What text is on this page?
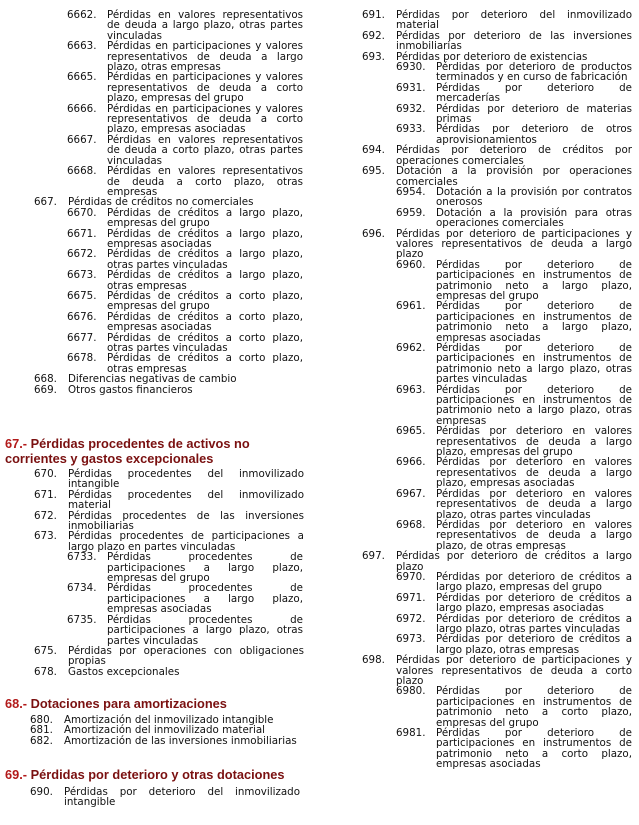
6662.	Pérdidas en valores representativos de deuda a largo plazo, otras partes vinculadas
6663.	Pérdidas en participaciones y valores representativos de deuda a largo plazo, otras empresas
6665.	Pérdidas en participaciones y valores representativos de deuda a corto plazo, empresas del grupo
6666.	Pérdidas en participaciones y valores representativos de deuda a corto plazo, empresas asociadas
6667.	Pérdidas en valores representativos de deuda a corto plazo, otras partes vinculadas
6668.	Pérdidas en valores representativos de deuda a corto plazo, otras empresas
667.	Pérdidas de créditos no comerciales
6670.	Pérdidas de créditos a largo plazo, empresas del grupo
6671.	Pérdidas de créditos a largo plazo, empresas asociadas
6672.	Pérdidas de créditos a largo plazo, otras partes vinculadas
6673.	Pérdidas de créditos a largo plazo, otras empresas
6675.	Pérdidas de créditos a corto plazo, empresas del grupo
6676.	Pérdidas de créditos a corto plazo, empresas asociadas
6677.	Pérdidas de créditos a corto plazo, otras partes vinculadas
6678.	Pérdidas de créditos a corto plazo, otras empresas
668.	Diferencias negativas de cambio
669.	Otros gastos financieros
67.- Pérdidas procedentes de activos no corrientes y gastos excepcionales
670.	Pérdidas procedentes del inmovilizado intangible
671.	Pérdidas procedentes del inmovilizado material
672.	Pérdidas procedentes de las inversiones inmobiliarias
673.	Pérdidas procedentes de participaciones a largo plazo en partes vinculadas
6733.	Pérdidas procedentes de participaciones a largo plazo, empresas del grupo
6734.	Pérdidas procedentes de participaciones a largo plazo, empresas asociadas
6735.	Pérdidas procedentes de participaciones a largo plazo, otras partes vinculadas
675.	Pérdidas por operaciones con obligaciones propias
678.	Gastos excepcionales
68.- Dotaciones para amortizaciones
680.	Amortización del inmovilizado intangible
681.	Amortización del inmovilizado material
682.	Amortización de las inversiones inmobiliarias
69.- Pérdidas por deterioro y otras dotaciones
690.	Pérdidas por deterioro del inmovilizado intangible
691.	Pérdidas por deterioro del inmovilizado material
692.	Pérdidas por deterioro de las inversiones inmobiliarias
693.	Pérdidas por deterioro de existencias
6930.	Pérdidas por deterioro de productos terminados y en curso de fabricación
6931.	Pérdidas por deterioro de mercaderías
6932.	Pérdidas por deterioro de materias primas
6933.	Pérdidas por deterioro de otros aprovisionamientos
694.	Pérdidas por deterioro de créditos por operaciones comerciales
695.	Dotación a la provisión por operaciones comerciales
6954.	Dotación a la provisión por contratos onerosos
6959.	Dotación a la provisión para otras operaciones comerciales
696.	Pérdidas por deterioro de participaciones y valores representativos de deuda a largo plazo
6960.	Pérdidas por deterioro de participaciones en instrumentos de patrimonio neto a largo plazo, empresas del grupo
6961.	Pérdidas por deterioro de participaciones en instrumentos de patrimonio neto a largo plazo, empresas asociadas
6962.	Pérdidas por deterioro de participaciones en instrumentos de patrimonio neto a largo plazo, otras partes vinculadas
6963.	Pérdidas por deterioro de participaciones en instrumentos de patrimonio neto a largo plazo, otras empresas
6965.	Pérdidas por deterioro en valores representativos de deuda a largo plazo, empresas del grupo
6966.	Pérdidas por deterioro en valores representativos de deuda a largo plazo, empresas asociadas
6967.	Pérdidas por deterioro en valores representativos de deuda a largo plazo, otras partes vinculadas
6968.	Pérdidas por deterioro en valores representativos de deuda a largo plazo, de otras empresas
697.	Pérdidas por deterioro de créditos a largo plazo
6970.	Pérdidas por deterioro de créditos a largo plazo, empresas del grupo
6971.	Pérdidas por deterioro de créditos a largo plazo, empresas asociadas
6972.	Pérdidas por deterioro de créditos a largo plazo, otras partes vinculadas
6973.	Pérdidas por deterioro de créditos a largo plazo, otras empresas
698.	Pérdidas por deterioro de participaciones y valores representativos de deuda a corto plazo
6980.	Pérdidas por deterioro de participaciones en instrumentos de patrimonio neto a corto plazo, empresas del grupo
6981.	Pérdidas por deterioro de participaciones en instrumentos de patrimonio neto a corto plazo, empresas asociadas
